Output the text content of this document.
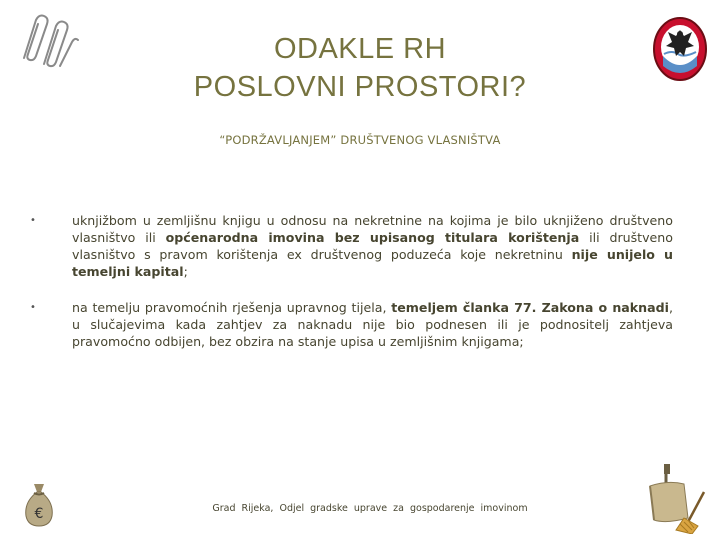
ODAKLE RH
POSLOVNI PROSTORI?
“PODRŽAVLJANJEM” DRUŠTVENOG VLASNIŠTVA
•	uknjižbom u zemljišnu knjigu u odnosu na nekretnine na kojima je bilo uknjiženo društveno vlasništvo ili općenarodna imovina bez upisanog titulara korištenja ili društveno vlasništvo s pravom korištenja ex društvenog poduzeća koje nekretninu nije unijelo u temeljni kapital;
•	na temelju pravomoćnih rješenja upravnog tijela, temeljem članka 77. Zakona o naknadi, u slučajevima kada zahtjev za naknadu nije bio podnesen ili je podnositelj zahtjeva pravomoćno odbijen, bez obzira na stanje upisa u zemljišnim knjigama;
€	Grad Rijeka, Odjel gradske uprave za gospodarenje imovinom
